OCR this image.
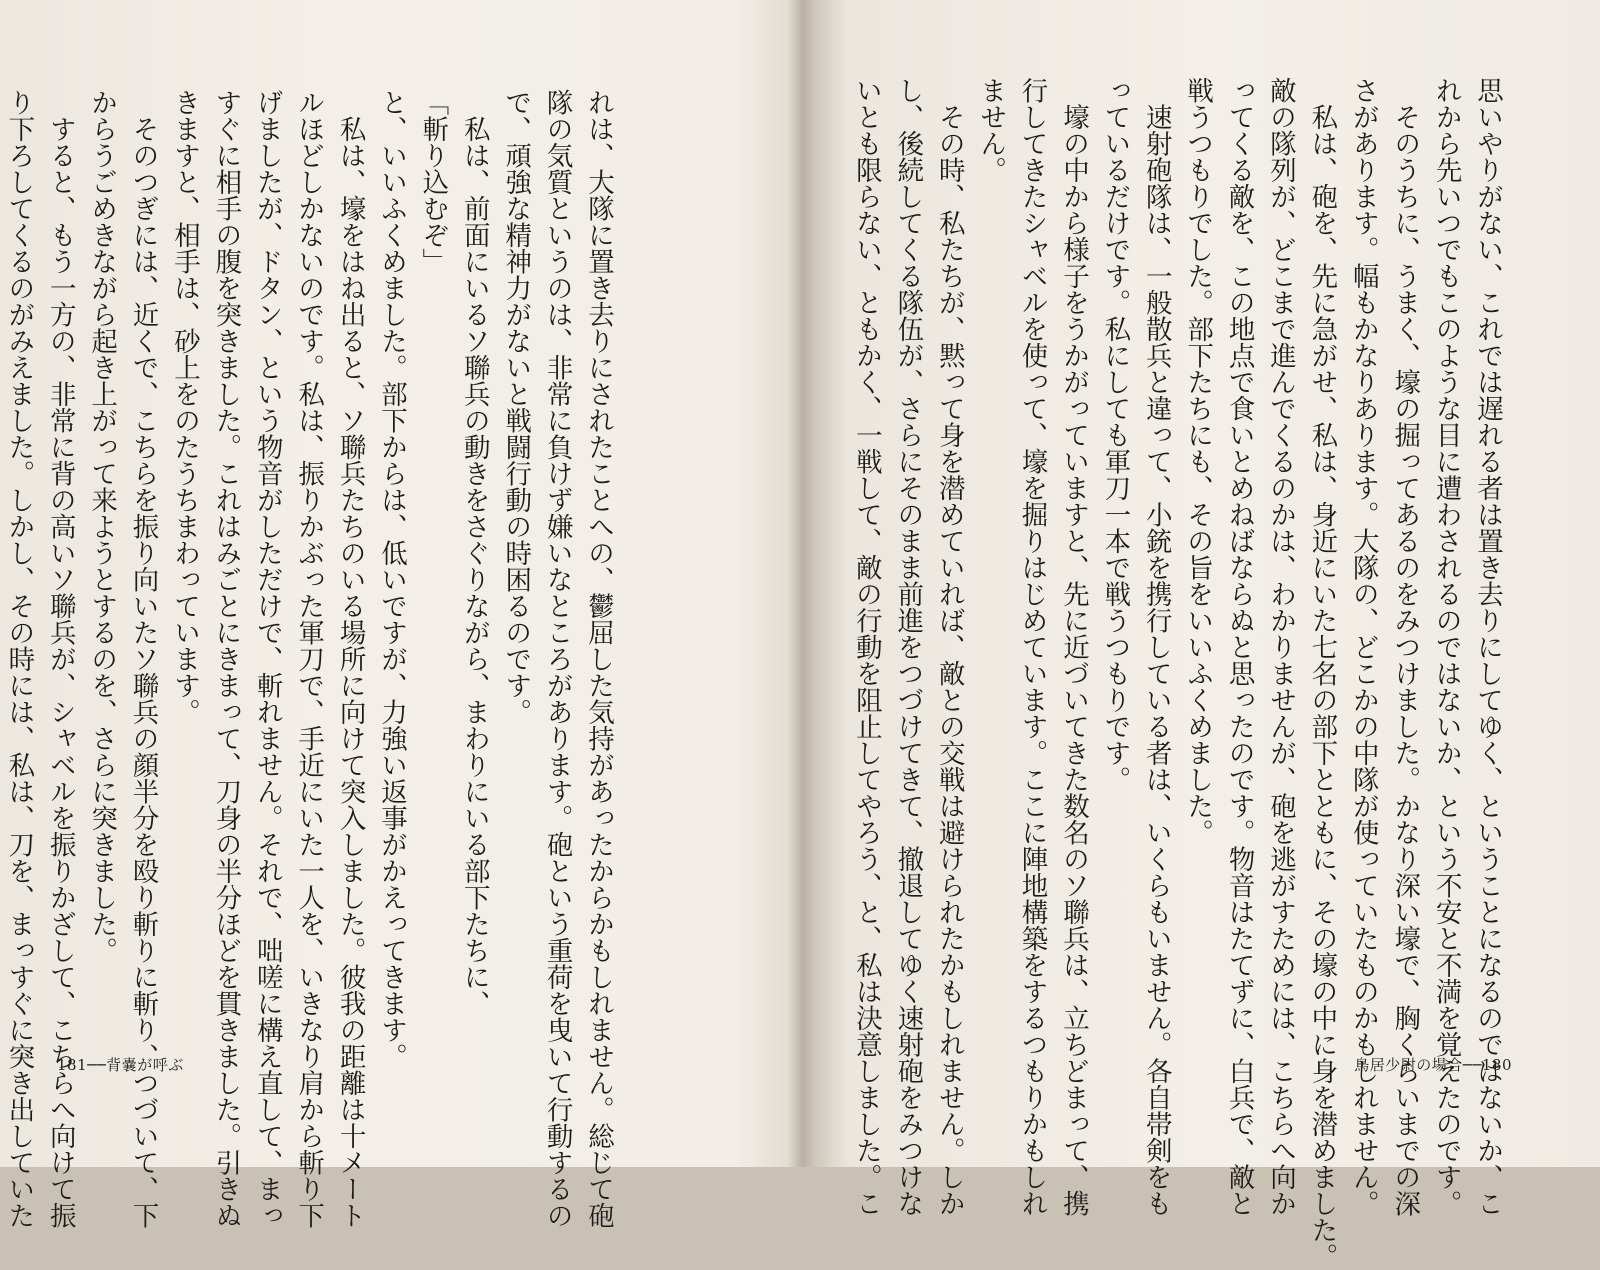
れは、大隊に置き去りにされたことへの、鬱屈した気持があったからかもしれません。総じて砲
隊の気質というのは、非常に負けず嫌いなところがあります。砲という重荷を曳いて行動するの
で、頑強な精神力がないと戦闘行動の時困るのです。
　私は、前面にいるソ聯兵の動きをさぐりながら、まわりにいる部下たちに、
「斬り込むぞ」
と、いいふくめました。部下からは、低いですが、力強い返事がかえってきます。
　私は、壕をはね出ると、ソ聯兵たちのいる場所に向けて突入しました。彼我の距離は十メート
ルほどしかないのです。私は、振りかぶった軍刀で、手近にいた一人を、いきなり肩から斬り下
げましたが、ドタン、という物音がしただけで、斬れません。それで、咄嗟に構え直して、まっ
すぐに相手の腹を突きました。これはみごとにきまって、刀身の半分ほどを貫きました。引きぬ
きますと、相手は、砂上をのたうちまわっています。
　そのつぎには、近くで、こちらを振り向いたソ聯兵の顔半分を殴り斬りに斬り、つづいて、下
からうごめきながら起き上がって来ようとするのを、さらに突きました。
　すると、もう一方の、非常に背の高いソ聯兵が、シャベルを振りかざして、こちらへ向けて振
り下ろしてくるのがみえました。しかし、その時には、私は、刀を、まっすぐに突き出していた	181──背嚢が呼ぶ	思いやりがない、これでは遅れる者は置き去りにしてゆく、ということになるのではないか、こ
れから先いつでもこのような目に遭わされるのではないか、という不安と不満を覚えたのです。
　そのうちに、うまく、壕の掘ってあるのをみつけました。かなり深い壕で、胸くらいまでの深
さがあります。幅もかなりあります。大隊の、どこかの中隊が使っていたものかもしれません。
　私は、砲を、先に急がせ、私は、身近にいた七名の部下とともに、その壕の中に身を潜めました。
敵の隊列が、どこまで進んでくるのかは、わかりませんが、砲を逃がすためには、こちらへ向か
ってくる敵を、この地点で食いとめねばならぬと思ったのです。物音はたてずに、白兵で、敵と
戦うつもりでした。部下たちにも、その旨をいいふくめました。
　速射砲隊は、一般散兵と違って、小銃を携行している者は、いくらもいません。各自帯剣をも
っているだけです。私にしても軍刀一本で戦うつもりです。
　壕の中から様子をうかがっていますと、先に近づいてきた数名のソ聯兵は、立ちどまって、携
行してきたシャベルを使って、壕を掘りはじめています。ここに陣地構築をするつもりかもしれ
ません。
　その時、私たちが、黙って身を潜めていれば、敵との交戦は避けられたかもしれません。しか
し、後続してくる隊伍が、さらにそのまま前進をつづけてきて、撤退してゆく速射砲をみつけな
いとも限らない、ともかく、一戦して、敵の行動を阻止してやろう、と、私は決意しました。こ	鳥居少尉の場合──180
